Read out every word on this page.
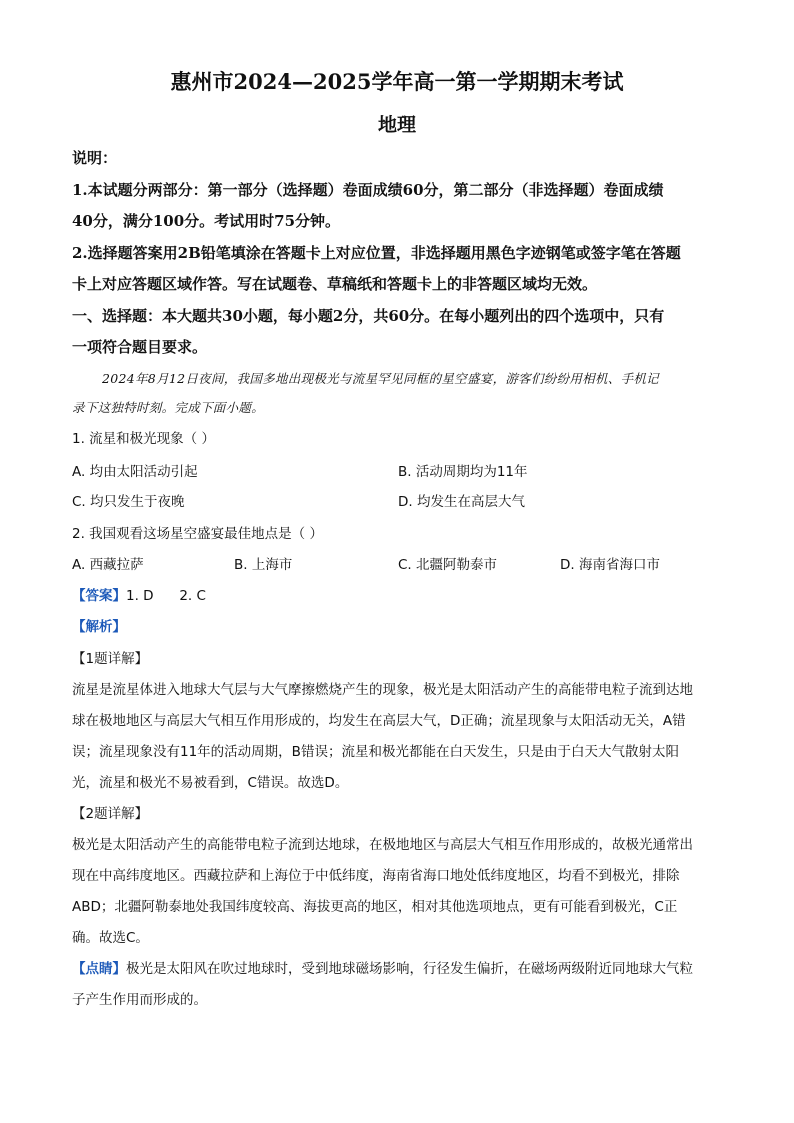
惠州市2024—2025学年高一第一学期期末考试
地理
说明：
1.本试题分两部分：第一部分（选择题）卷面成绩60分，第二部分（非选择题）卷面成绩
40分，满分100分。考试用时75分钟。
2.选择题答案用2B铅笔填涂在答题卡上对应位置，非选择题用黑色字迹钢笔或签字笔在答题
卡上对应答题区域作答。写在试题卷、草稿纸和答题卡上的非答题区域均无效。
一、选择题：本大题共30小题，每小题2分，共60分。在每小题列出的四个选项中，只有
一项符合题目要求。
2024年8月12日夜间，我国多地出现极光与流星罕见同框的星空盛宴，游客们纷纷用相机、手机记
录下这独特时刻。完成下面小题。
1. 流星和极光现象（ ）
A. 均由太阳活动引起	B. 活动周期均为11年
C. 均只发生于夜晚	D. 均发生在高层大气
2. 我国观看这场星空盛宴最佳地点是（ ）
A. 西藏拉萨	B. 上海市	C. 北疆阿勒泰市	D. 海南省海口市
【答案】1. D      2. C
【解析】
【1题详解】
流星是流星体进入地球大气层与大气摩擦燃烧产生的现象，极光是太阳活动产生的高能带电粒子流到达地
球在极地地区与高层大气相互作用形成的，均发生在高层大气，D正确；流星现象与太阳活动无关，A错
误；流星现象没有11年的活动周期，B错误；流星和极光都能在白天发生，只是由于白天大气散射太阳
光，流星和极光不易被看到，C错误。故选D。
【2题详解】
极光是太阳活动产生的高能带电粒子流到达地球，在极地地区与高层大气相互作用形成的，故极光通常出
现在中高纬度地区。西藏拉萨和上海位于中低纬度，海南省海口地处低纬度地区，均看不到极光，排除
ABD；北疆阿勒泰地处我国纬度较高、海拔更高的地区，相对其他选项地点，更有可能看到极光，C正
确。故选C。
【点睛】极光是太阳风在吹过地球时，受到地球磁场影响，行径发生偏折，在磁场两级附近同地球大气粒
子产生作用而形成的。
